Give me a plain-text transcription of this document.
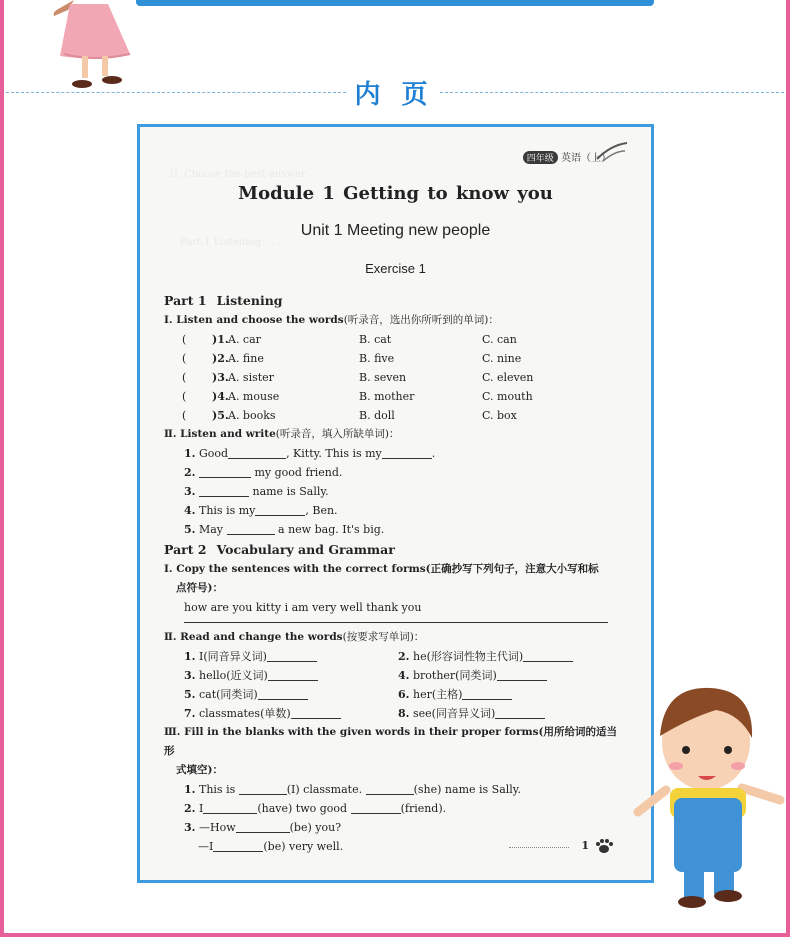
内 页
II. Choose the best answer . . . . . .
Part 1 Listening . . . . . . . .
四年级 英语（上）
Module 1 Getting to know you
Unit 1 Meeting new people
Exercise 1
Part 1 Listening
Ⅰ. Listen and choose the words(听录音，选出你所听到的单词)：
( )1. A. car	B. cat	C. can
( )2. A. fine	B. five	C. nine
( )3. A. sister	B. seven	C. eleven
( )4. A. mouse	B. mother	C. mouth
( )5. A. books	B. doll	C. box
Ⅱ. Listen and write(听录音，填入所缺单词)：
1. Good	, Kitty. This is my	.
2.	my good friend.
3.	name is Sally.
4. This is my	, Ben.
5. May	a new bag. It's big.
Part 2 Vocabulary and Grammar
Ⅰ. Copy the sentences with the correct forms(正确抄写下列句子，注意大小写和标
点符号)：
how are you kitty i am very well thank you
Ⅱ. Read and change the words(按要求写单词)：
1. I(同音异义词)	2. he(形容词性物主代词)
3. hello(近义词)	4. brother(同类词)
5. cat(同类词)	6. her(主格)
7. classmates(单数)	8. see(同音异义词)
Ⅲ. Fill in the blanks with the given words in their proper forms(用所给词的适当形
式填空)：
1. This is	(I) classmate.	(she) name is Sally.
2. I	(have) two good	(friend).
3. —How	(be) you?
—I	(be) very well.	1
